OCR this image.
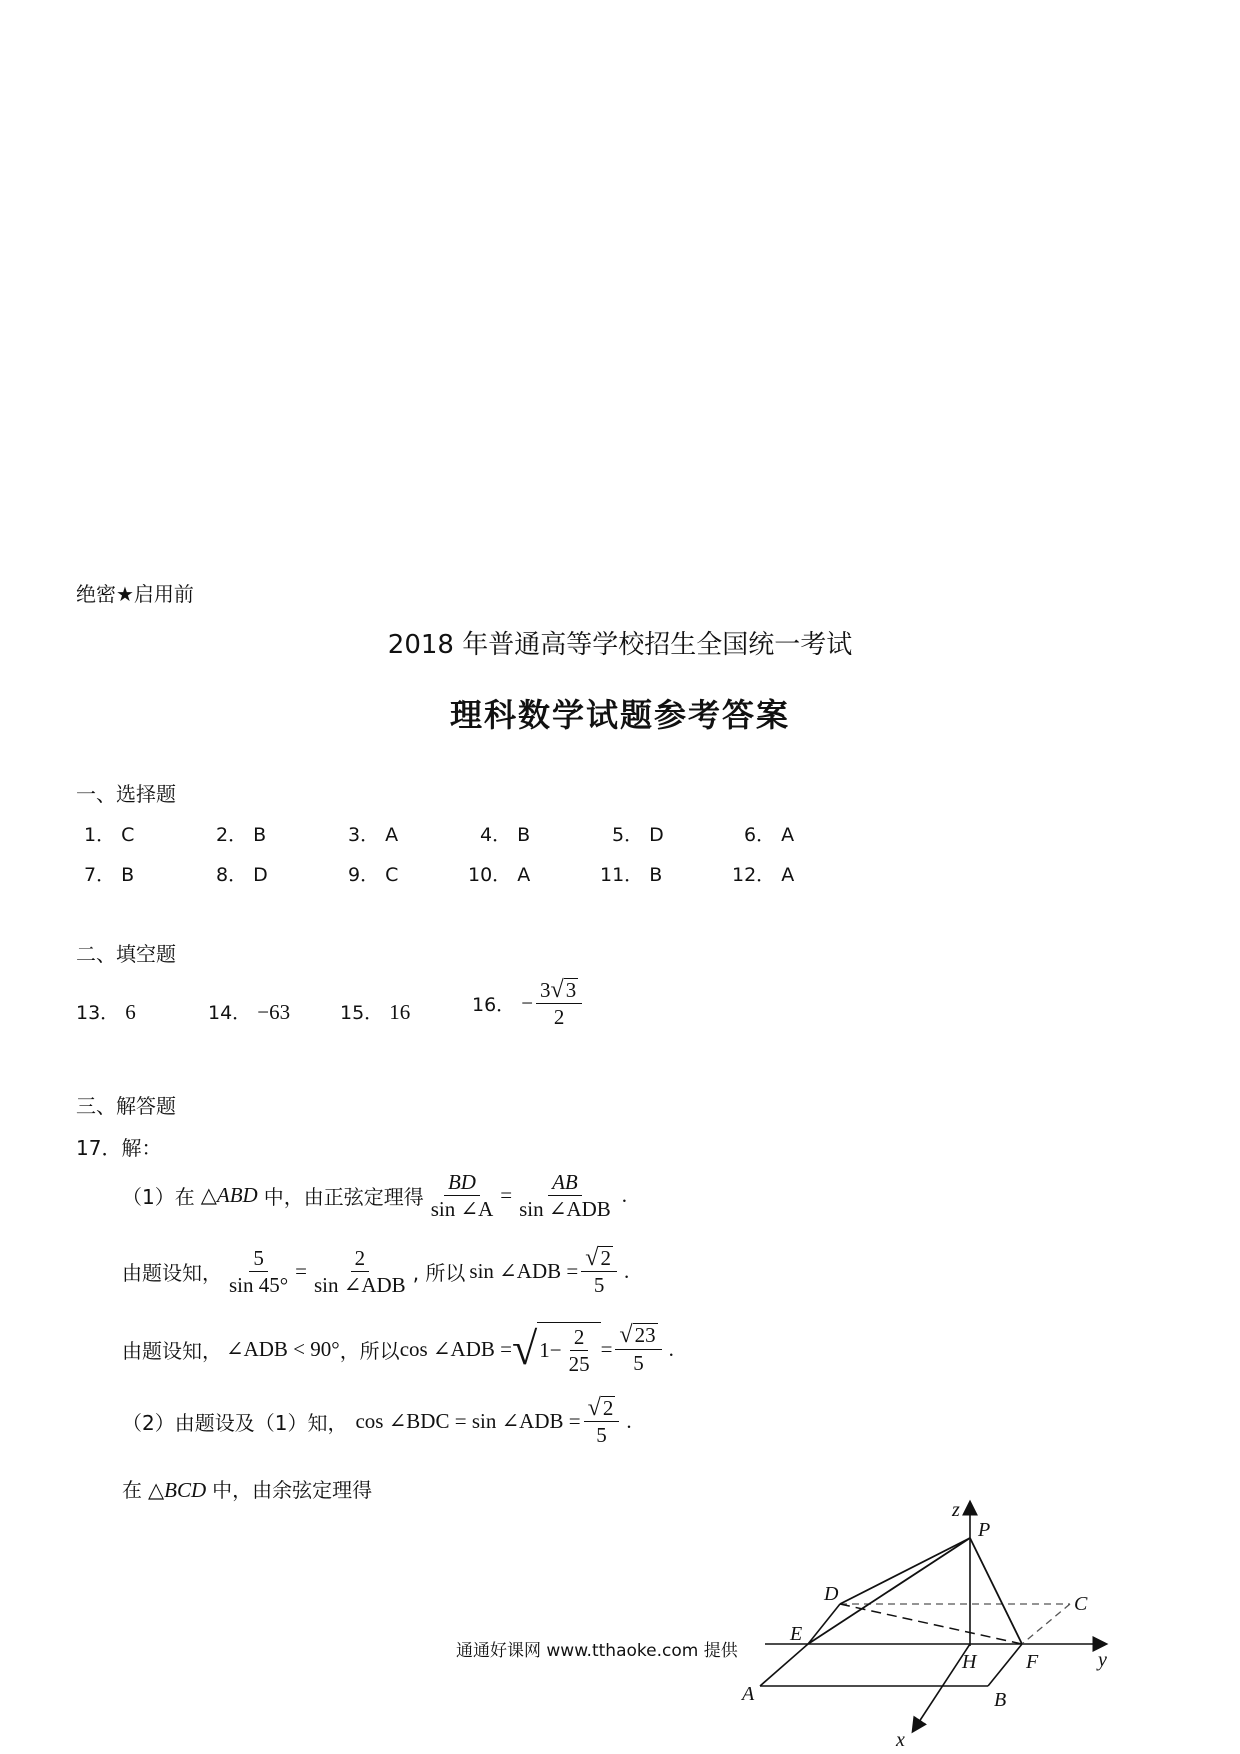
绝密★启用前
2018 年普通高等学校招生全国统一考试
理科数学试题参考答案
一、选择题
1． C	2． B	3． A	4． B	5． D	6． A
7． B	8． D	9． C	10． A	11． B	12． A
二、填空题
13． 6	14． −63	15． 16	16． − $\frac{3 √ 3}{2}$
三、解答题
17．解：
（1）在 △ABD 中，由正弦定理得 $\frac{BD}{\sin \angle A} = \frac{AB}{\text{sin ∠ADB}}$ .
由题设知， $\frac{5}{\sin 45^\circ} = \frac{2}{\text{sin ∠ADB}}$ , 所以 sin ∠ADB = $\frac{√ 2}{5}$ .
由题设知， ∠ADB < 90° ，所以 cos ∠ADB = √ $1- \frac{2}{25} = \frac{√ 23}{5}$ .
（2）由题设及（1）知， cos ∠BDC = sin ∠ADB = $\frac{√ 2}{5}$ .
在 △BCD 中，由余弦定理得
z
P
D	C
E
H F	y
A	B
x
通通好课网 www.tthaoke.com 提供
